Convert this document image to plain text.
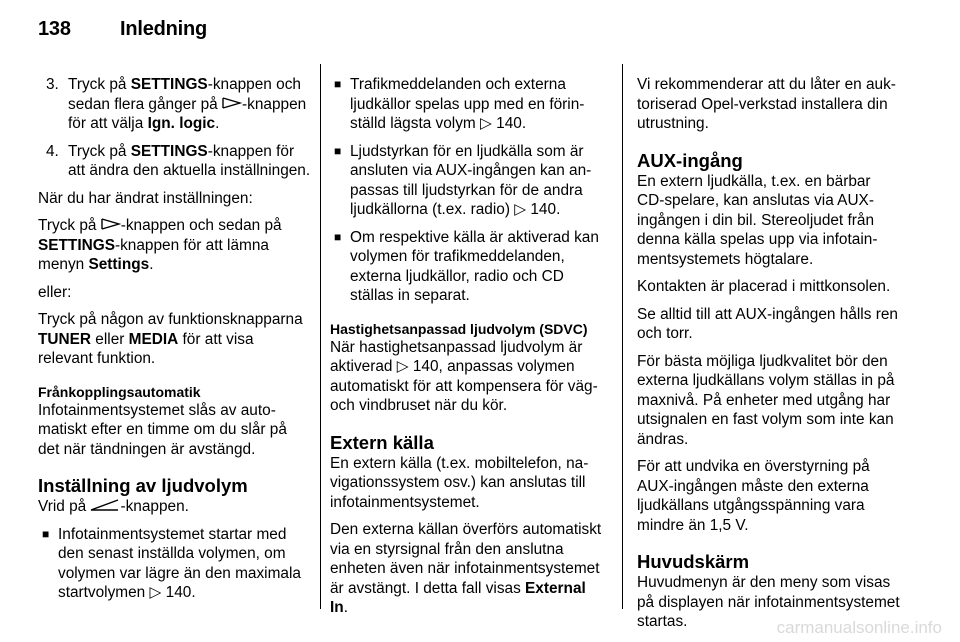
138 Inledning
3. Tryck på SETTINGS-knappen och sedan flera gånger på -knappen för att välja Ign. logic.
4. Tryck på SETTINGS-knappen för att ändra den aktuella inställningen.

När du har ändrat inställningen:

Tryck på -knappen och sedan på SETTINGS-knappen för att lämna menyn Settings.

eller:

Tryck på någon av funktionsknapparna TUNER eller MEDIA för att visa relevant funktion.

Frånkopplingsautomatik

Infotainmentsystemet slås av automatiskt efter en timme om du slår på det när tändningen är avstängd.

Inställning av ljudvolym

Vrid på -knappen.

■ Infotainmentsystemet startar med den senast inställda volymen, om volymen var lägre än den maximala startvolymen ▷ 140.
■ Trafikmeddelanden och externa ljudkällor spelas upp med en förinställd lägsta volym ▷ 140.
■ Ljudstyrkan för en ljudkälla som är ansluten via AUX-ingången kan anpassas till ljudstyrkan för de andra ljudkällorna (t.ex. radio) ▷ 140.
■ Om respektive källa är aktiverad kan volymen för trafikmeddelanden, externa ljudkällor, radio och CD ställas in separat.
Hastighetsanpassad ljudvolym (SDVC)

När hastighetsanpassad ljudvolym är aktiverad ▷ 140, anpassas volymen automatiskt för att kompensera för väg- och vindbruset när du kör.

Extern källa

En extern källa (t.ex. mobiltelefon, navigationssystem osv.) kan anslutas till infotainmentsystemet.

Den externa källan överförs automatiskt via en styrsignal från den anslutna enheten även när infotainmentsystemet är avstängt. I detta fall visas External In.

Vi rekommenderar att du låter en auktoriserad Opel-verkstad installera din utrustning.

AUX-ingång

En extern ljudkälla, t.ex. en bärbar CD-spelare, kan anslutas via AUX-ingången i din bil. Stereoljudet från denna källa spelas upp via infotainmentsystemets högtalare.

Kontakten är placerad i mittkonsolen.

Se alltid till att AUX-ingången hålls ren och torr.

För bästa möjliga ljudkvalitet bör den externa ljudkällans volym ställas in på maxnivå. På enheter med utgång har utsignalen en fast volym som inte kan ändras.

För att undvika en överstyrning på AUX-ingången måste den externa ljudkällans utgångsspänning vara mindre än 1,5 V.

Huvudskärm

Huvudmenyn är den meny som visas på displayen när infotainmentsystemet startas.	carmanualsonline.info
